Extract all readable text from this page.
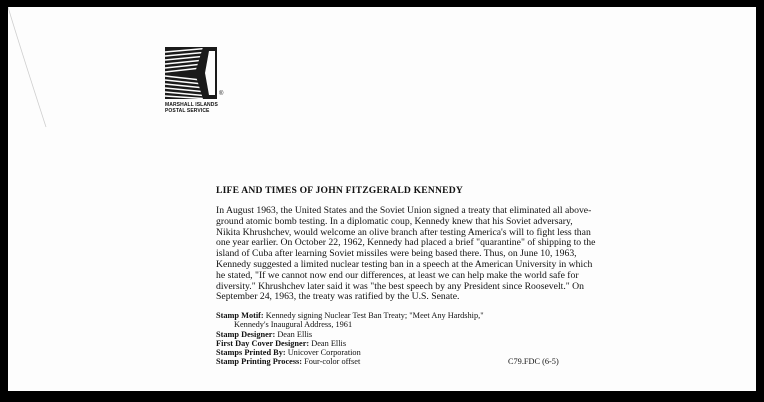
®
MARSHALL ISLANDS
POSTAL SERVICE
LIFE AND TIMES OF JOHN FITZGERALD KENNEDY

In August 1963, the United States and the Soviet Union signed a treaty that eliminated all above-ground atomic bomb testing. In a diplomatic coup, Kennedy knew that his Soviet adversary, Nikita Khrushchev, would welcome an olive branch after testing America's will to fight less than one year earlier. On October 22, 1962, Kennedy had placed a brief "quarantine" of shipping to the island of Cuba after learning Soviet missiles were being based there. Thus, on June 10, 1963, Kennedy suggested a limited nuclear testing ban in a speech at the American University in which he stated, "If we cannot now end our differences, at least we can help make the world safe for diversity." Khrushchev later said it was "the best speech by any President since Roosevelt." On September 24, 1963, the treaty was ratified by the U.S. Senate.

Stamp Motif: Kennedy signing Nuclear Test Ban Treaty; "Meet Any Hardship,"
Kennedy's Inaugural Address, 1961
Stamp Designer: Dean Ellis
First Day Cover Designer: Dean Ellis
Stamps Printed By: Unicover Corporation
Stamp Printing Process: Four-color offset	C79.FDC (6-5)
